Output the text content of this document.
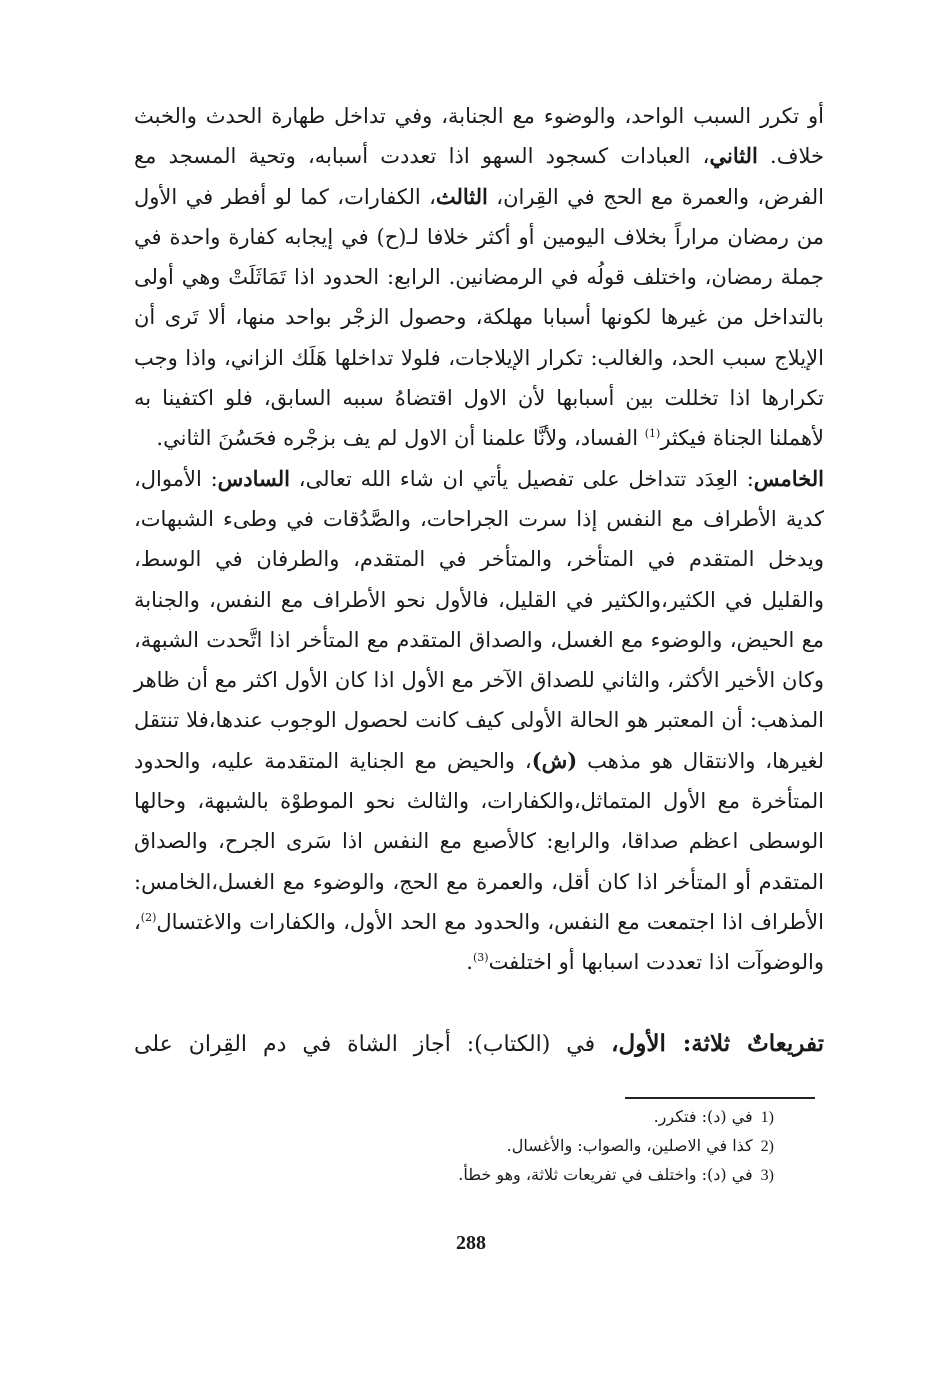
أو تكرر السبب الواحد، والوضوء مع الجنابة، وفي تداخل طهارة الحدث والخبث خلاف. الثاني، العبادات كسجود السهو اذا تعددت أسبابه، وتحية المسجد مع الفرض، والعمرة مع الحج في القِران، الثالث، الكفارات، كما لو أفطر في الأول من رمضان مراراً بخلاف اليومين أو أكثر خلافا لـ(ح) في إيجابه كفارة واحدة في جملة رمضان، واختلف قولُه في الرمضانين. الرابع: الحدود اذا تَمَاثَلَتْ وهي أولى بالتداخل من غيرها لكونها أسبابا مهلكة، وحصول الزجْر بواحد منها، ألا تَرى أن الإيلاج سبب الحد، والغالب: تكرار الإيلاجات، فلولا تداخلها هَلَك الزاني، واذا وجب تكرارها اذا تخللت بين أسبابها لأن الاول اقتضاهُ سببه السابق، فلو اكتفينا به لأهملنا الجناة فيكثر$^{(1)}$ الفساد، ولأنَّا علمنا أن الاول لم يف بزجْره فحَسُنَ الثاني.

الخامس: العِدَد تتداخل على تفصيل يأتي ان شاء الله تعالى، السادس: الأموال، كدية الأطراف مع النفس إذا سرت الجراحات، والصَّدُقات في وطىء الشبهات، ويدخل المتقدم في المتأخر، والمتأخر في المتقدم، والطرفان في الوسط، والقليل في الكثير،والكثير في القليل، فالأول نحو الأطراف مع النفس، والجنابة مع الحيض، والوضوء مع الغسل، والصداق المتقدم مع المتأخر اذا اتَّحدت الشبهة، وكان الأخير الأكثر، والثاني للصداق الآخر مع الأول اذا كان الأول اكثر مع أن ظاهر المذهب: أن المعتبر هو الحالة الأولى كيف كانت لحصول الوجوب عندها،فلا تنتقل لغيرها، والانتقال هو مذهب (ش)، والحيض مع الجناية المتقدمة عليه، والحدود المتأخرة مع الأول المتماثل،والكفارات، والثالث نحو الموطوْة بالشبهة، وحالها الوسطى اعظم صداقا، والرابع: كالأصبع مع النفس اذا سَرى الجرح، والصداق المتقدم أو المتأخر اذا كان أقل، والعمرة مع الحج، والوضوء مع الغسل،الخامس: الأطراف اذا اجتمعت مع النفس، والحدود مع الحد الأول، والكفارات والاغتسال$^{(2)}$، والوضوآت اذا تعددت اسبابها أو اختلفت$^{(3)}$.

تفريعاتٌ ثلاثة: الأول، في (الكتاب): أجاز الشاة في دم القِران على

1)في (د): فتكرر.
2)كذا في الاصلين، والصواب: والأغسال.
3)في (د): واختلف في تفريعات ثلاثة، وهو خطأ.
288
